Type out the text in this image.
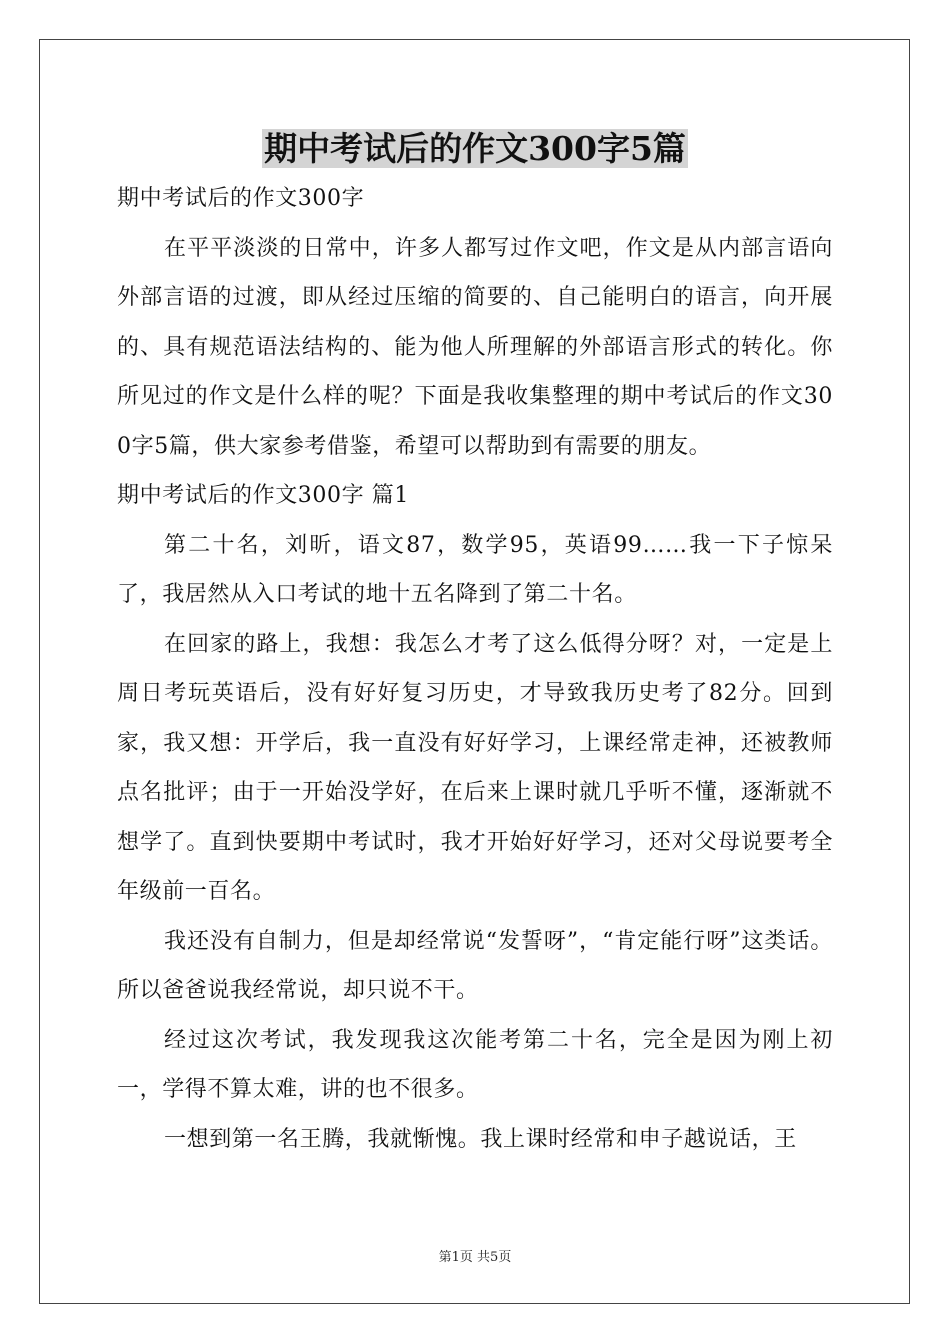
期中考试后的作文300字5篇

期中考试后的作文300字

在平平淡淡的日常中，许多人都写过作文吧，作文是从内部言语向外部言语的过渡，即从经过压缩的简要的、自己能明白的语言，向开展的、具有规范语法结构的、能为他人所理解的外部语言形式的转化。你所见过的作文是什么样的呢？下面是我收集整理的期中考试后的作文300字5篇，供大家参考借鉴，希望可以帮助到有需要的朋友。

期中考试后的作文300字 篇1

第二十名，刘昕，语文87，数学95，英语99……我一下子惊呆了，我居然从入口考试的地十五名降到了第二十名。

在回家的路上，我想：我怎么才考了这么低得分呀？对，一定是上周日考玩英语后，没有好好复习历史，才导致我历史考了82分。回到家，我又想：开学后，我一直没有好好学习，上课经常走神，还被教师点名批评；由于一开始没学好，在后来上课时就几乎听不懂，逐渐就不想学了。直到快要期中考试时，我才开始好好学习，还对父母说要考全年级前一百名。

我还没有自制力，但是却经常说“发誓呀”，“肯定能行呀”这类话。所以爸爸说我经常说，却只说不干。

经过这次考试，我发现我这次能考第二十名，完全是因为刚上初一，学得不算太难，讲的也不很多。

一想到第一名王腾，我就惭愧。我上课时经常和申子越说话，王

第1页 共5页
